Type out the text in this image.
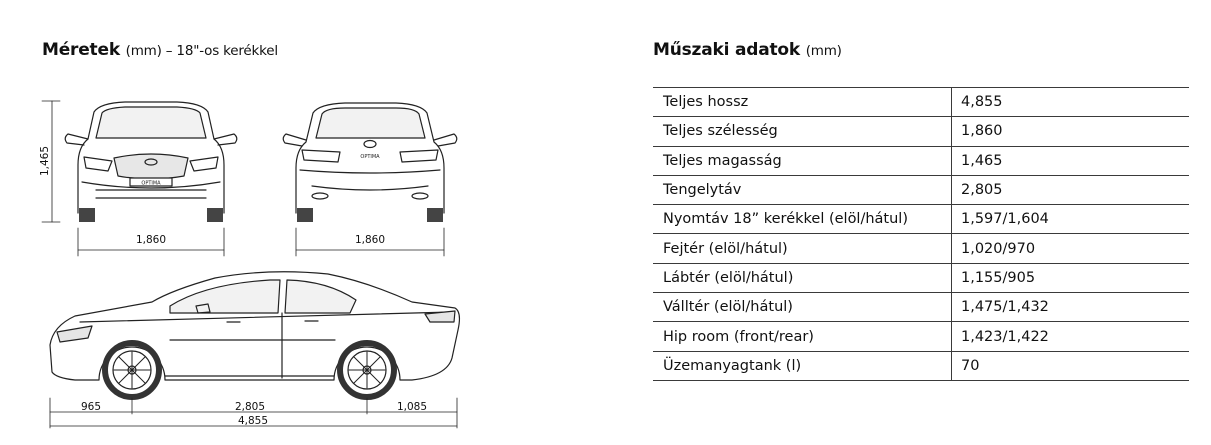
Méretek (mm) – 18"-os kerékkel	Műszaki adatok (mm)
OPTIMA
1,465
1,860
OPTIMA
1,860
965	2,805	1,085
4,855
Teljes hossz	4,855
Teljes szélesség	1,860
Teljes magasság	1,465
Tengelytáv	2,805
Nyomtáv 18” kerékkel (elöl/hátul)	1,597/1,604
Fejtér (elöl/hátul)	1,020/970
Lábtér (elöl/hátul)	1,155/905
Válltér (elöl/hátul)	1,475/1,432
Hip room (front/rear)	1,423/1,422
Üzemanyagtank (l)	70
